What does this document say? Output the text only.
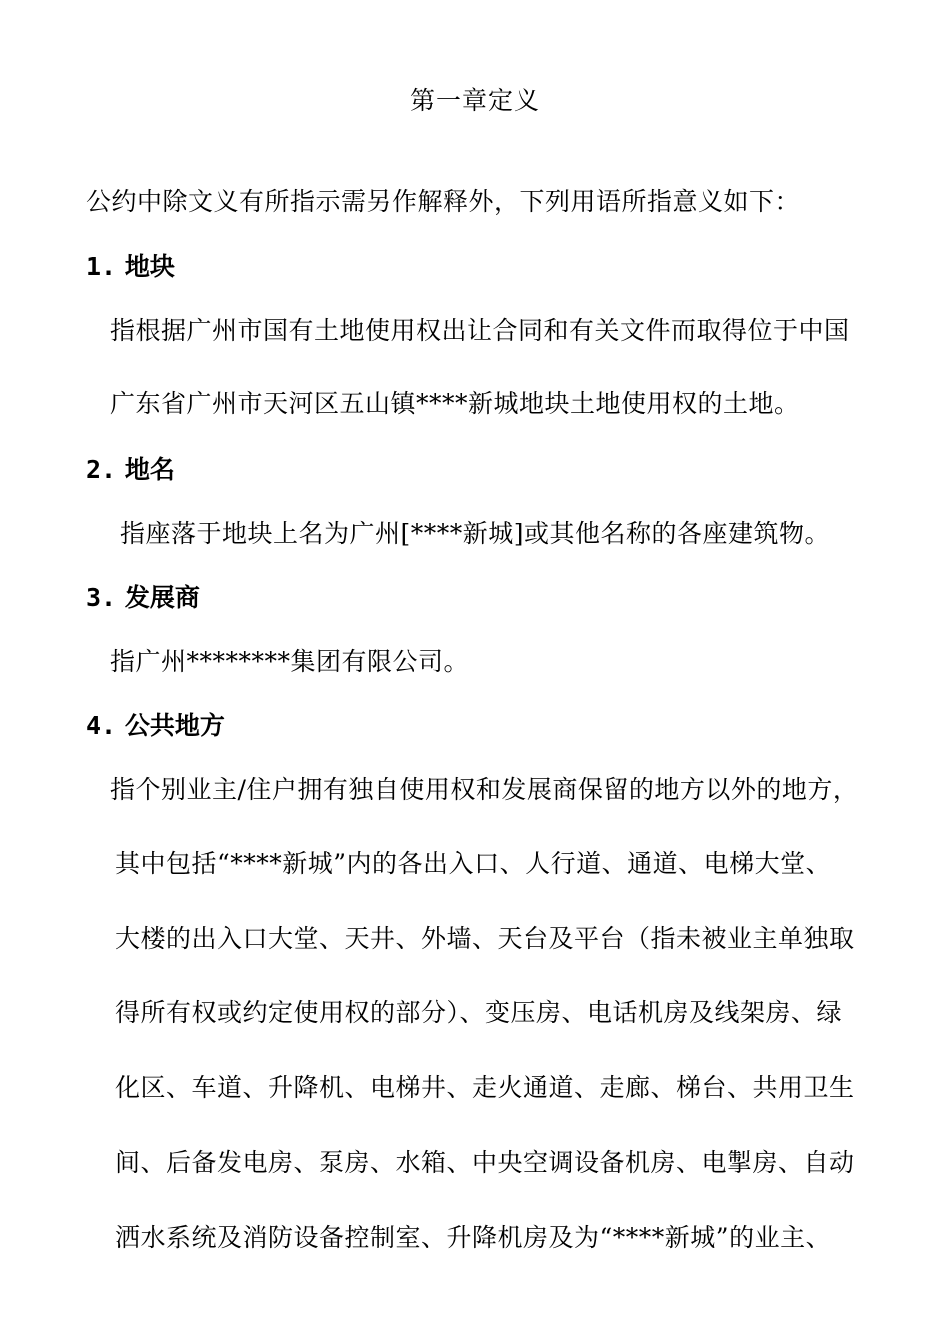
第一章定义
公约中除文义有所指示需另作解释外，下列用语所指意义如下：
1. 地块
指根据广州市国有土地使用权出让合同和有关文件而取得位于中国
广东省广州市天河区五山镇****新城地块土地使用权的土地。
2. 地名
指座落于地块上名为广州[****新城]或其他名称的各座建筑物。
3. 发展商
指广州********集团有限公司。
4. 公共地方
指个别业主/住户拥有独自使用权和发展商保留的地方以外的地方，
其中包括“****新城”内的各出入口、人行道、通道、电梯大堂、
大楼的出入口大堂、天井、外墙、天台及平台（指未被业主单独取
得所有权或约定使用权的部分）、变压房、电话机房及线架房、绿
化区、车道、升降机、电梯井、走火通道、走廊、梯台、共用卫生
间、后备发电房、泵房、水箱、中央空调设备机房、电掣房、自动
洒水系统及消防设备控制室、升降机房及为“****新城”的业主、
